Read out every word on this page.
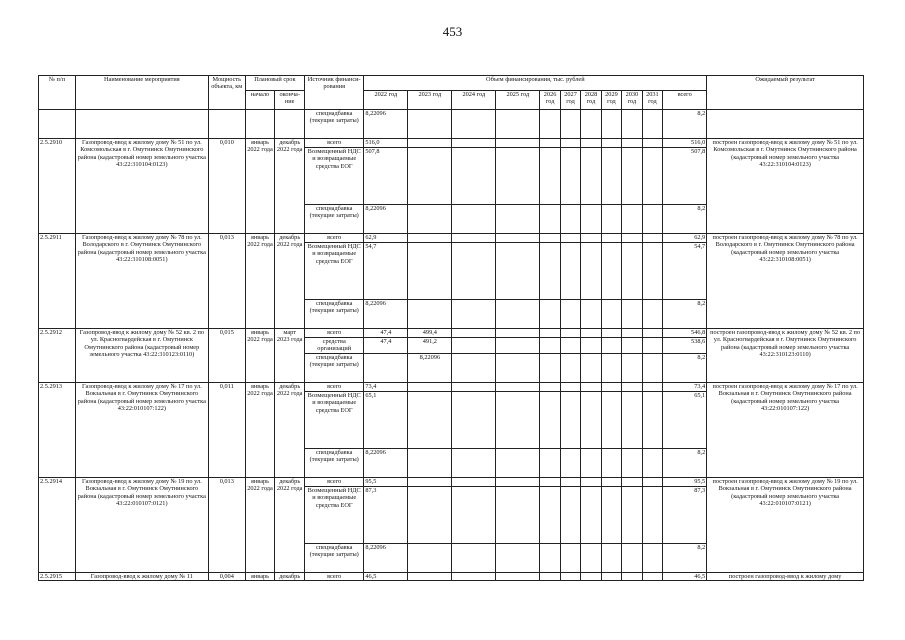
453
№ п/п	Наименование мероприятия	Мощность объекта, км	Плановый срок		Источник финанси-рования	Объем финансирования, тыс. рублей											Ожидаемый результат
			начало	оконча-ние		2022 год	2023 год	2024 год	2025 год	2026 год	2027 год	2028 год	2029 год	2030 год	2031 год	всего	
					спецнадбавка (текущие затраты)	8,22096										8,2	
2.5.2910	Газопровод-ввод к жилому дому № 51 по ул. Комсомольская в г. Омутнинск Омутнинского района (кадастровый номер земельного участка 43:22:310104:0123)	0,010	январь 2022 года	декабрь 2022 года	всего	516,0										516,0	построен газопровод-ввод к жилому дому № 51 по ул. Комсомольская в г. Омутнинск Омутнинского района (кадастровый номер земельного участка 43:22:310104:0123)
					Возмещенный НДС и возвращаемые средства ЕОГ	507,8										507,8	
					спецнадбавка (текущие затраты)	8,22096										8,2	
2.5.2911	Газопровод-ввод к жилому дому № 78 по ул. Володарского в г. Омутнинск Омутнинского района (кадастровый номер земельного участка 43:22:310108:0051)	0,013	январь 2022 года	декабрь 2022 года	всего	62,9										62,9	построен газопровод-ввод к жилому дому № 78 по ул. Володарского в г. Омутнинск Омутнинского района (кадастровый номер земельного участка 43:22:310108:0051)
					Возмещенный НДС и возвращаемые средства ЕОГ	54,7										54,7	
					спецнадбавка (текущие затраты)	8,22096										8,2	
2.5.2912	Газопровод-ввод к жилому дому № 52 кв. 2 по ул. Красногвардейская в г. Омутнинск Омутнинского района (кадастровый номер земельного участка 43:22:310123:0110)	0,015	январь 2022 года	март 2023 года	всего	47,4	499,4									546,8	построен газопровод-ввод к жилому дому № 52 кв. 2 по ул. Красногвардейская в г. Омутнинск Омутнинского района (кадастровый номер земельного участка 43:22:310123:0110)
					средства организаций	47,4	491,2									538,6	
					спецнадбавка (текущие затраты)		8,22096									8,2	
2.5.2913	Газопровод-ввод к жилому дому № 17 по ул. Вокзальная в г. Омутнинск Омутнинского района (кадастровый номер земельного участка 43:22:010107:122)	0,011	январь 2022 года	декабрь 2022 года	всего	73,4										73,4	построен газопровод-ввод к жилому дому № 17 по ул. Вокзальная в г. Омутнинск Омутнинского района (кадастровый номер земельного участка 43:22:010107:122)
					Возмещенный НДС и возвращаемые средства ЕОГ	65,1										65,1	
					спецнадбавка (текущие затраты)	8,22096										8,2	
2.5.2914	Газопровод-ввод к жилому дому № 19 по ул. Вокзальная в г. Омутнинск Омутнинского района (кадастровый номер земельного участка 43:22:010107:0121)	0,013	январь 2022 года	декабрь 2022 года	всего	95,5										95,5	построен газопровод-ввод к жилому дому № 19 по ул. Вокзальная в г. Омутнинск Омутнинского района (кадастровый номер земельного участка 43:22:010107:0121)
					Возмещенный НДС и возвращаемые средства ЕОГ	87,3										87,3	
					спецнадбавка (текущие затраты)	8,22096										8,2	
2.5.2915	Газопровод-ввод к жилому дому № 11	0,004	январь	декабрь	всего	46,5										46,5	построен газопровод-ввод к жилому дому
